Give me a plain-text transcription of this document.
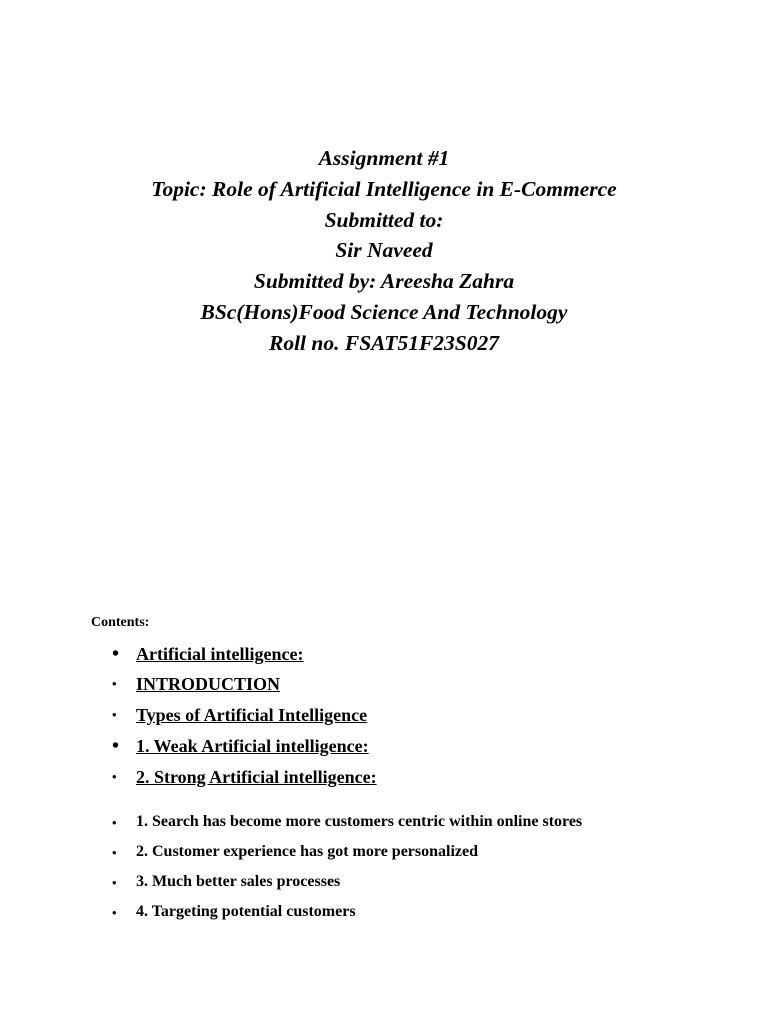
Assignment #1
Topic: Role of Artificial Intelligence in E-Commerce
Submitted to:
Sir Naveed
Submitted by: Areesha Zahra
BSc(Hons)Food Science And Technology
Roll no. FSAT51F23S027
Contents:
• Artificial intelligence:
•	INTRODUCTION
•	Types of Artificial Intelligence
• 1. Weak Artificial intelligence:
•	2. Strong Artificial intelligence:
•	1. Search has become more customers centric within online stores
•	2. Customer experience has got more personalized
•	3. Much better sales processes
•	4. Targeting potential customers
